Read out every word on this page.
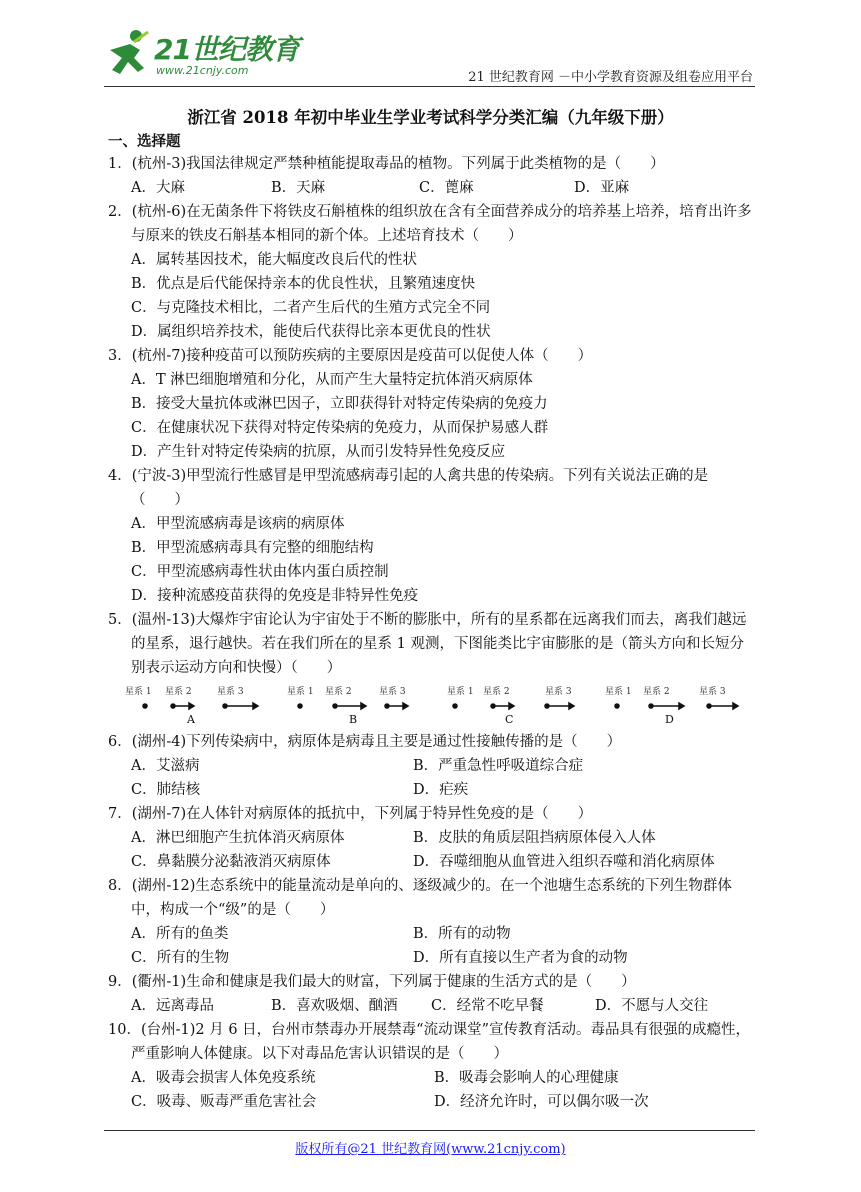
21世纪教育
www.21cnjy.com	21 世纪教育网 －中小学教育资源及组卷应用平台
浙江省 2018 年初中毕业生学业考试科学分类汇编（九年级下册）
一、选择题
1．(杭州-3)我国法律规定严禁种植能提取毒品的植物。下列属于此类植物的是（　　）
A．大麻	B．天麻	C．蓖麻	D．亚麻
2．(杭州-6)在无菌条件下将铁皮石斛植株的组织放在含有全面营养成分的培养基上培养，培育出许多与原来的铁皮石斛基本相同的新个体。上述培育技术（　　）
A．属转基因技术，能大幅度改良后代的性状
B．优点是后代能保持亲本的优良性状，且繁殖速度快
C．与克隆技术相比，二者产生后代的生殖方式完全不同
D．属组织培养技术，能使后代获得比亲本更优良的性状
3．(杭州-7)接种疫苗可以预防疾病的主要原因是疫苗可以促使人体（　　）
A．T 淋巴细胞增殖和分化，从而产生大量特定抗体消灭病原体
B．接受大量抗体或淋巴因子，立即获得针对特定传染病的免疫力
C．在健康状况下获得对特定传染病的免疫力，从而保护易感人群
D．产生针对特定传染病的抗原，从而引发特异性免疫反应
4．(宁波-3)甲型流行性感冒是甲型流感病毒引起的人禽共患的传染病。下列有关说法正确的是（　　）
A．甲型流感病毒是该病的病原体
B．甲型流感病毒具有完整的细胞结构
C．甲型流感病毒性状由体内蛋白质控制
D．接种流感疫苗获得的免疫是非特异性免疫
5．(温州-13)大爆炸宇宙论认为宇宙处于不断的膨胀中，所有的星系都在远离我们而去，离我们越远的星系，退行越快。若在我们所在的星系 1 观测，下图能类比宇宙膨胀的是（箭头方向和长短分别表示运动方向和快慢）（　　）
星系 1 星系 2	星系 3	星系 1 星系 2	星系 3	星系 1 星系 2	星系 3	星系 1 星系 2	星系 3
A	B	C	D
6．(湖州-4)下列传染病中，病原体是病毒且主要是通过性接触传播的是（　　）
A．艾滋病	B．严重急性呼吸道综合症
C．肺结核	D．疟疾
7．(湖州-7)在人体针对病原体的抵抗中，下列属于特异性免疫的是（　　）
A．淋巴细胞产生抗体消灭病原体	B．皮肤的角质层阻挡病原体侵入人体
C．鼻黏膜分泌黏液消灭病原体	D．吞噬细胞从血管进入组织吞噬和消化病原体
8．(湖州-12)生态系统中的能量流动是单向的、逐级减少的。在一个池塘生态系统的下列生物群体中，构成一个“级”的是（　　）
A．所有的鱼类	B．所有的动物
C．所有的生物	D．所有直接以生产者为食的动物
9．(衢州-1)生命和健康是我们最大的财富，下列属于健康的生活方式的是（　　）
A．远离毒品	B．喜欢吸烟、酗酒	C．经常不吃早餐	D．不愿与人交往
10．(台州-1)2 月 6 日，台州市禁毒办开展禁毒“流动课堂”宣传教育活动。毒品具有很强的成瘾性，严重影响人体健康。以下对毒品危害认识错误的是（　　）
A．吸毒会损害人体免疫系统	B．吸毒会影响人的心理健康
C．吸毒、贩毒严重危害社会	D．经济允许时，可以偶尔吸一次
版权所有@21 世纪教育网(www.21cnjy.com)
